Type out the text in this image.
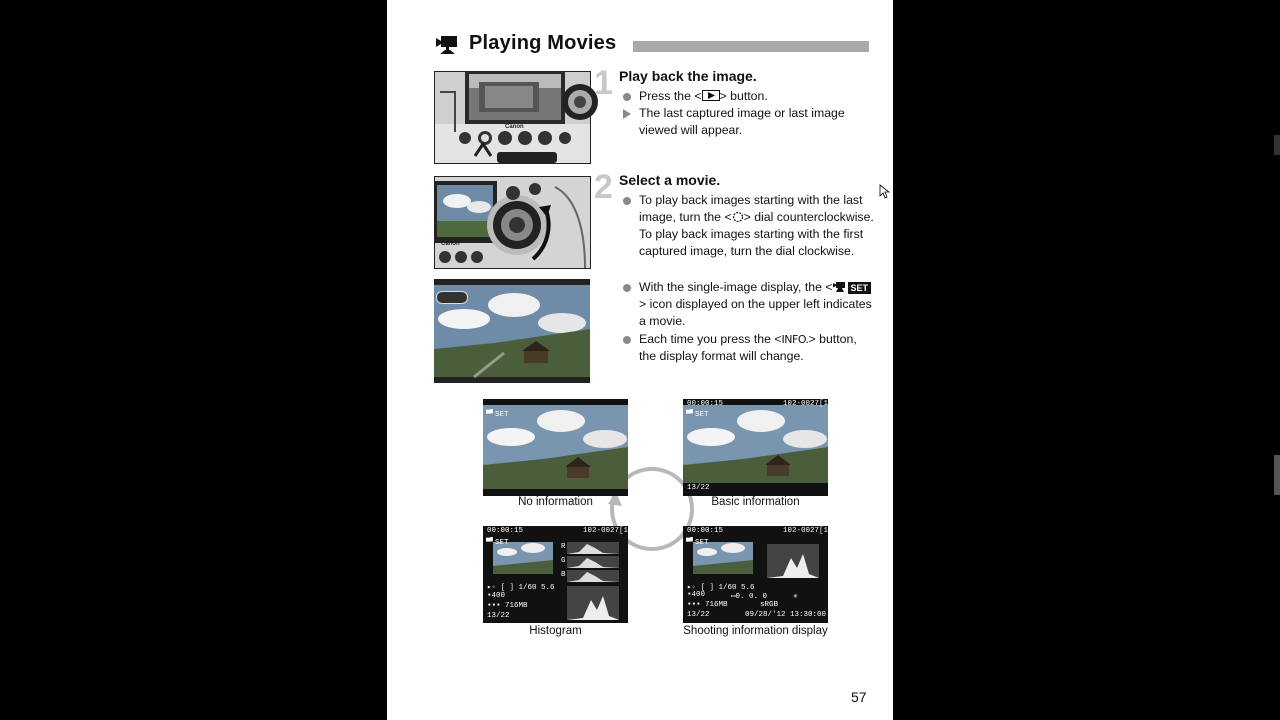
Playing Movies
Canon
1 Play back the image.
Press the < > button.
The last captured image or last image viewed will appear.
Canon
2 Select a movie.
To play back images starting with the last image, turn the < > dial counterclockwise. To play back images starting with the first captured image, turn the dial clockwise.
With the single-image display, the < SET> icon displayed on the upper left indicates a movie.
Each time you press the <INFO.> button, the display format will change.
▀▘SET
No information
00:00:15	102-0027[1]
▀▘SET
13/22
Basic information
00:00:15	102-0027[1]
▀▘SET	R
G
B
▸◦ [ ] 1/60 5.6
▪400
▪▪▪ 716MB
13/22
Histogram
00:00:15	102-0027[1]
▀▘SET
▸◦ [ ] 1/60 5.6
▪400	▭0. 0. 0	✳
▪▪▪ 716MB	sRGB
13/22	09/28/'12 13:30:00
Shooting information display
57
